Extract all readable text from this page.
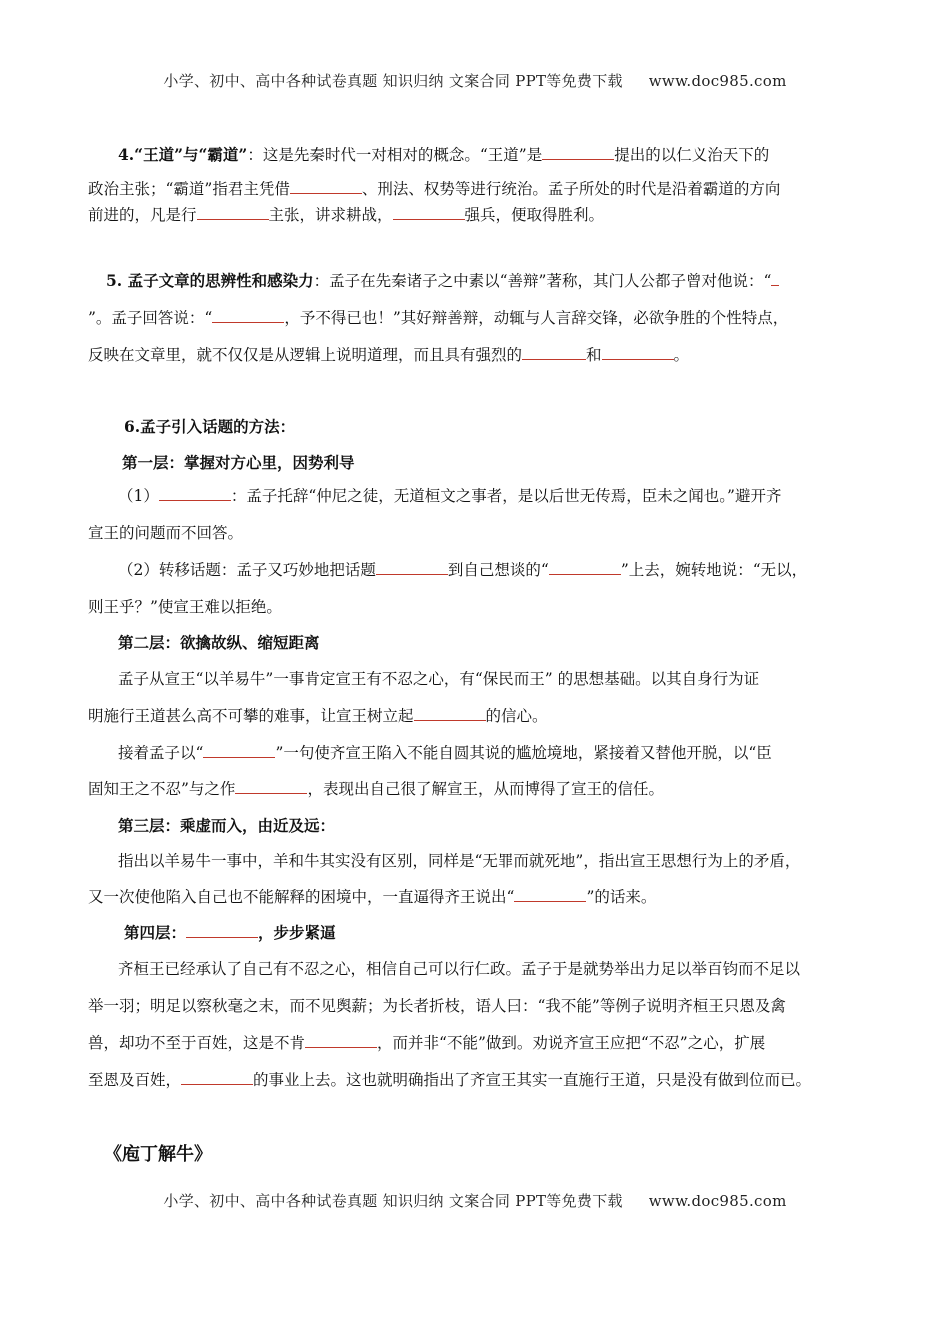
小学、初中、高中各种试卷真题 知识归纳 文案合同 PPT等免费下载 www.doc985.com
4.“王道”与“霸道”：这是先秦时代一对相对的概念。“王道”是	提出的以仁义治天下的
政治主张；“霸道”指君主凭借	、刑法、权势等进行统治。孟子所处的时代是沿着霸道的方向
前进的，凡是行	主张，讲求耕战，	强兵，便取得胜利。
5. 孟子文章的思辨性和感染力：孟子在先秦诸子之中素以“善辩”著称，其门人公都子曾对他说：“
”。孟子回答说：“	，予不得已也！”其好辩善辩，动辄与人言辞交锋，必欲争胜的个性特点，
反映在文章里，就不仅仅是从逻辑上说明道理，而且具有强烈的	和	。
6.孟子引入话题的方法：
第一层：掌握对方心里，因势利导
（1）	：孟子托辞“仲尼之徒，无道桓文之事者，是以后世无传焉，臣未之闻也。”避开齐
宣王的问题而不回答。
（2）转移话题：孟子又巧妙地把话题	到自己想谈的“	”上去，婉转地说：“无以，
则王乎？”使宣王难以拒绝。
第二层：欲擒故纵、缩短距离
孟子从宣王“以羊易牛”一事肯定宣王有不忍之心，有“保民而王” 的思想基础。以其自身行为证
明施行王道甚么高不可攀的难事，让宣王树立起	的信心。
接着孟子以“	”一句使齐宣王陷入不能自圆其说的尴尬境地，紧接着又替他开脱，以“臣
固知王之不忍”与之作	，表现出自己很了解宣王，从而博得了宣王的信任。
第三层：乘虚而入，由近及远：
指出以羊易牛一事中，羊和牛其实没有区别，同样是“无罪而就死地”，指出宣王思想行为上的矛盾，
又一次使他陷入自己也不能解释的困境中，一直逼得齐王说出“	”的话来。
第四层：	，步步紧逼
齐桓王已经承认了自己有不忍之心，相信自己可以行仁政。孟子于是就势举出力足以举百钧而不足以
举一羽；明足以察秋毫之末，而不见舆薪；为长者折枝，语人曰：“我不能”等例子说明齐桓王只恩及禽
兽，却功不至于百姓，这是不肯	，而并非“不能”做到。劝说齐宣王应把“不忍”之心，扩展
至恩及百姓，	的事业上去。这也就明确指出了齐宣王其实一直施行王道，只是没有做到位而已。
《庖丁解牛》
小学、初中、高中各种试卷真题 知识归纳 文案合同 PPT等免费下载 www.doc985.com
